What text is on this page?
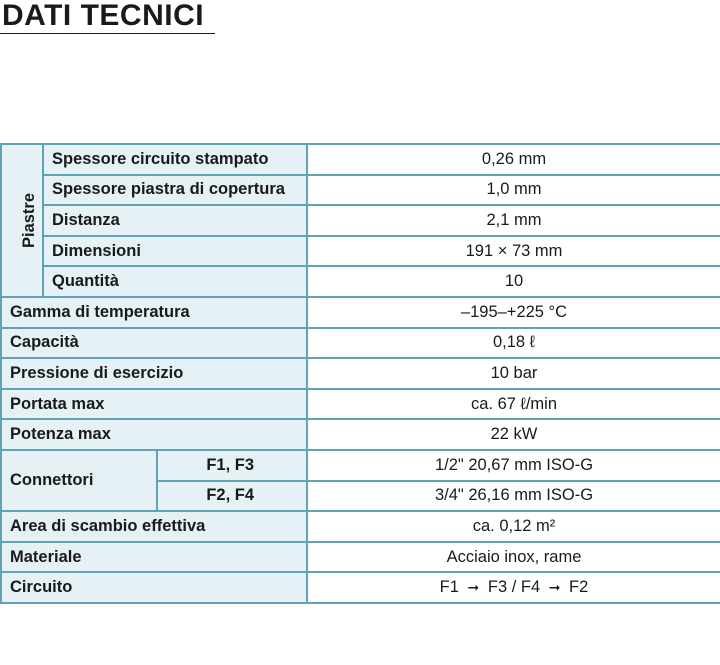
DATI TECNICI
Piastre	Spessore circuito stampato		0,26 mm
	Spessore piastra di copertura		1,0 mm
	Distanza		2,1 mm
	Dimensioni		191 × 73 mm
	Quantità		10
Gamma di temperatura			–195–+225 °C
Capacità			0,18 ℓ
Pressione di esercizio			10 bar
Portata max			ca. 67 ℓ/min
Potenza max			22 kW
Connettori		F1, F3	1/2" 20,67 mm ISO-G
		F2, F4	3/4" 26,16 mm ISO-G
Area di scambio effettiva			ca. 0,12 m²
Materiale			Acciaio inox, rame
Circuito			F1 ➞ F3 / F4 ➞ F2
